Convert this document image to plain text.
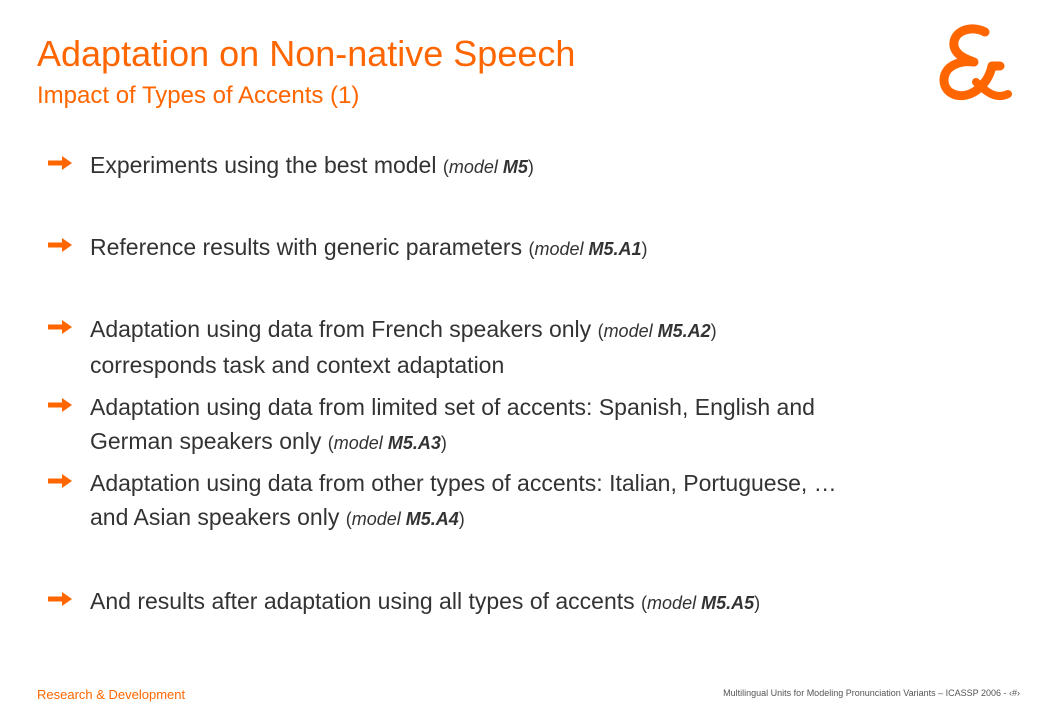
Adaptation on Non-native Speech
Impact of Types of Accents (1)
Experiments using the best model (model M5)
Reference results with generic parameters (model M5.A1)
Adaptation using data from French speakers only (model M5.A2)
corresponds task and context adaptation
Adaptation using data from limited set of accents: Spanish, English and
German speakers only (model M5.A3)
Adaptation using data from other types of accents: Italian, Portuguese, …
and Asian speakers only (model M5.A4)
And results after adaptation using all types of accents (model M5.A5)
Research & Development	Multilingual Units for Modeling Pronunciation Variants – ICASSP 2006 - ‹#›
